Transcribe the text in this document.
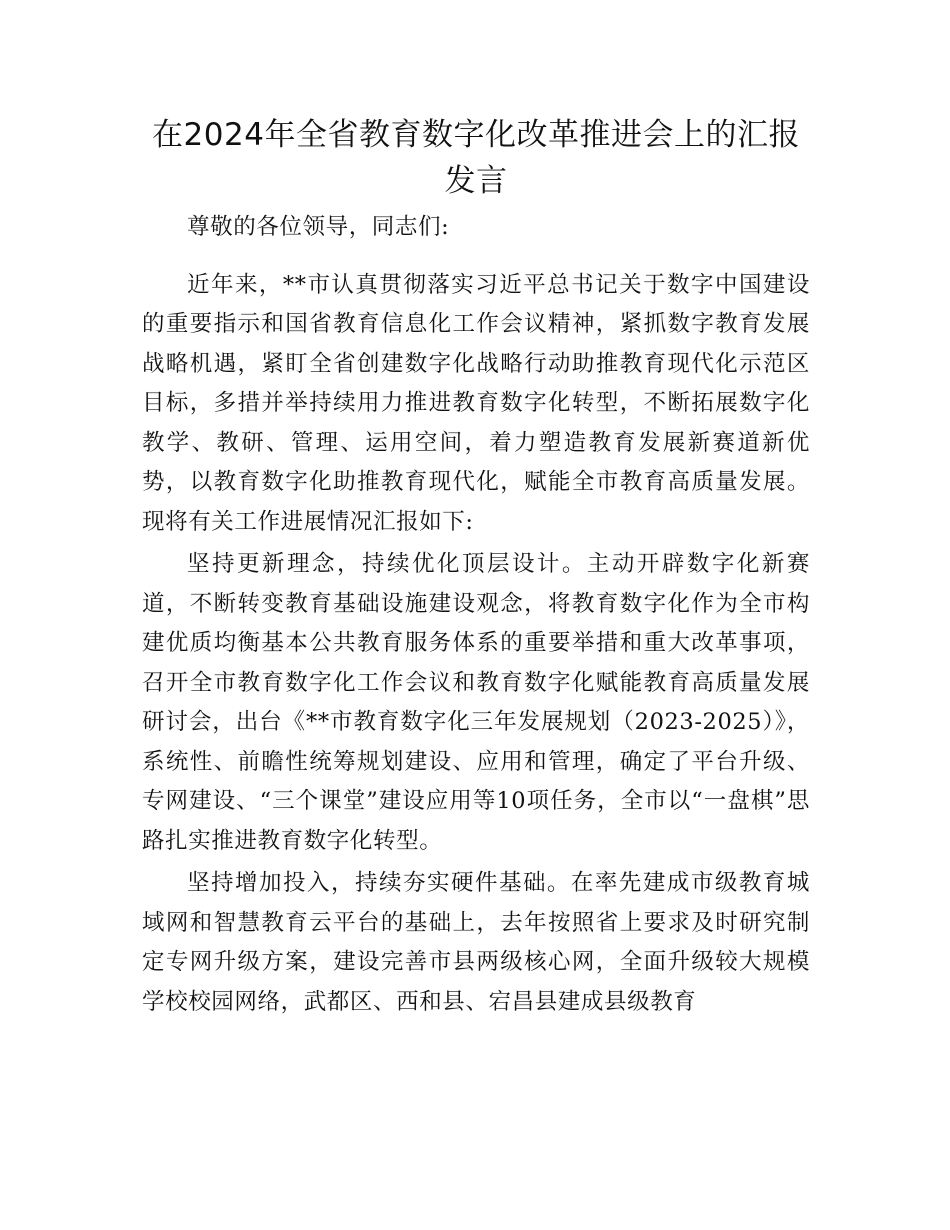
在2024年全省教育数字化改革推进会上的汇报发言

尊敬的各位领导，同志们:

近年来，**市认真贯彻落实习近平总书记关于数字中国建设的重要指示和国省教育信息化工作会议精神，紧抓数字教育发展战略机遇，紧盯全省创建数字化战略行动助推教育现代化示范区目标，多措并举持续用力推进教育数字化转型，不断拓展数字化教学、教研、管理、运用空间，着力塑造教育发展新赛道新优势，以教育数字化助推教育现代化，赋能全市教育高质量发展。现将有关工作进展情况汇报如下:

坚持更新理念，持续优化顶层设计。主动开辟数字化新赛道，不断转变教育基础设施建设观念，将教育数字化作为全市构建优质均衡基本公共教育服务体系的重要举措和重大改革事项，召开全市教育数字化工作会议和教育数字化赋能教育高质量发展研讨会，出台《**市教育数字化三年发展规划（2023-2025）》，系统性、前瞻性统筹规划建设、应用和管理，确定了平台升级、专网建设、“三个课堂”建设应用等10项任务，全市以“一盘棋”思路扎实推进教育数字化转型。

坚持增加投入，持续夯实硬件基础。在率先建成市级教育城域网和智慧教育云平台的基础上，去年按照省上要求及时研究制定专网升级方案，建设完善市县两级核心网，全面升级较大规模学校校园网络，武都区、西和县、宕昌县建成县级教育
